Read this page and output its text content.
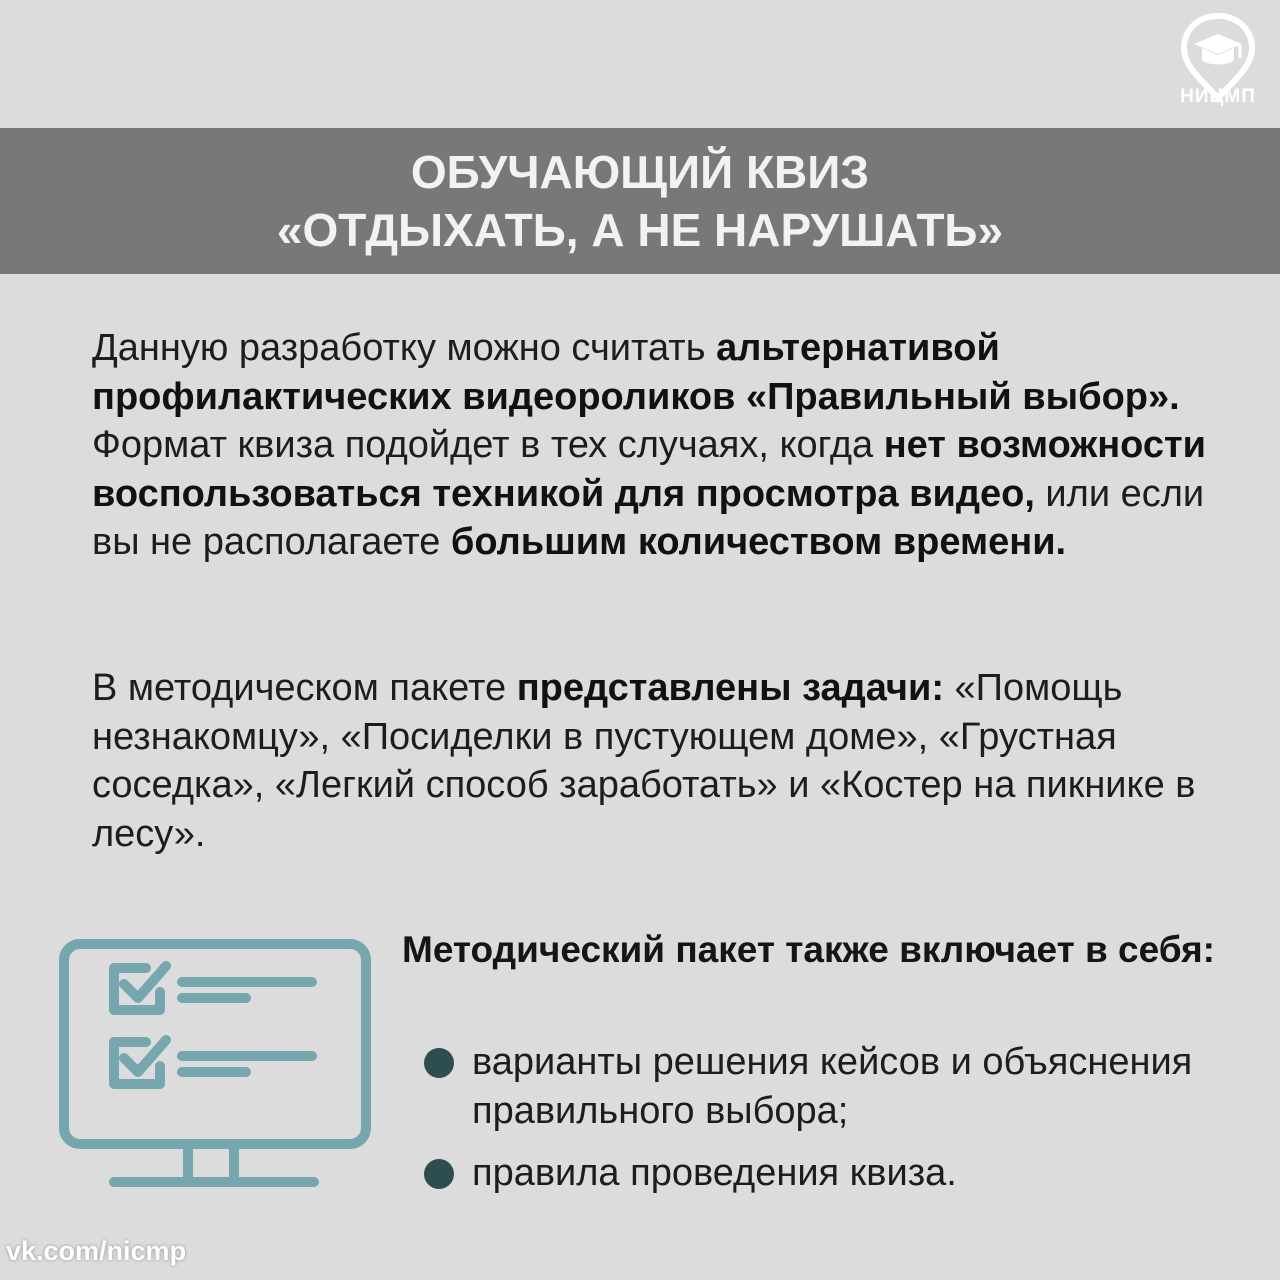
НИЦМП
ОБУЧАЮЩИЙ КВИЗ
«ОТДЫХАТЬ, А НЕ НАРУШАТЬ»
Данную разработку можно считать альтернативой профилактических видеороликов «Правильный выбор». Формат квиза подойдет в тех случаях, когда нет возможности воспользоваться техникой для просмотра видео, или если вы не располагаете большим количеством времени.
В методическом пакете представлены задачи: «Помощь незнакомцу», «Посиделки в пустующем доме», «Грустная соседка», «Легкий способ заработать» и «Костер на пикнике в лесу».
Методический пакет также включает в себя:
варианты решения кейсов и объяснения правильного выбора;
правила проведения квиза.
vk.com/nicmp
